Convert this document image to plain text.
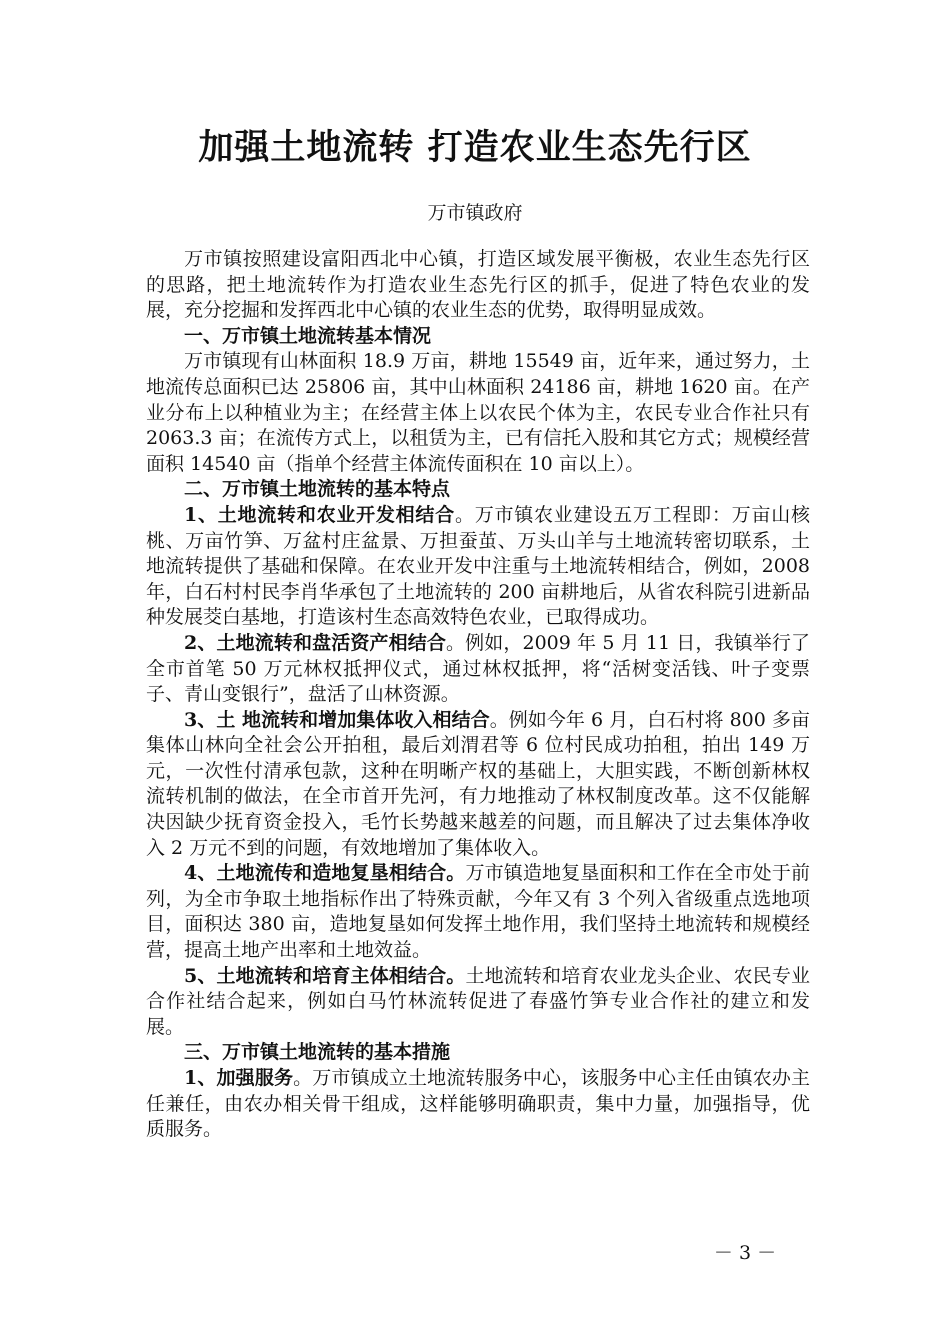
加强土地流转 打造农业生态先行区
万市镇政府

万市镇按照建设富阳西北中心镇，打造区域发展平衡极，农业生态先行区的思路，把土地流转作为打造农业生态先行区的抓手，促进了特色农业的发展，充分挖掘和发挥西北中心镇的农业生态的优势，取得明显成效。

一、万市镇土地流转基本情况

万市镇现有山林面积 18.9 万亩，耕地 15549 亩，近年来，通过努力，土地流传总面积已达 25806 亩，其中山林面积 24186 亩，耕地 1620 亩。在产业分布上以种植业为主；在经营主体上以农民个体为主，农民专业合作社只有 2063.3 亩；在流传方式上，以租赁为主，已有信托入股和其它方式；规模经营面积 14540 亩（指单个经营主体流传面积在 10 亩以上）。

二、万市镇土地流转的基本特点

1、土地流转和农业开发相结合。万市镇农业建设五万工程即：万亩山核桃、万亩竹笋、万盆村庄盆景、万担蚕茧、万头山羊与土地流转密切联系，土地流转提供了基础和保障。在农业开发中注重与土地流转相结合，例如，2008 年，白石村村民李肖华承包了土地流转的 200 亩耕地后，从省农科院引进新品种发展茭白基地，打造该村生态高效特色农业，已取得成功。

2、土地流转和盘活资产相结合。例如，2009 年 5 月 11 日，我镇举行了全市首笔 50 万元林权抵押仪式，通过林权抵押，将“活树变活钱、叶子变票子、青山变银行”，盘活了山林资源。

3、土 地流转和增加集体收入相结合。例如今年 6 月，白石村将 800 多亩集体山林向全社会公开拍租，最后刘渭君等 6 位村民成功拍租，拍出 149 万元，一次性付清承包款，这种在明晰产权的基础上，大胆实践，不断创新林权流转机制的做法，在全市首开先河，有力地推动了林权制度改革。这不仅能解决因缺少抚育资金投入，毛竹长势越来越差的问题，而且解决了过去集体净收入 2 万元不到的问题，有效地增加了集体收入。

4、土地流传和造地复垦相结合。万市镇造地复垦面积和工作在全市处于前列，为全市争取土地指标作出了特殊贡献，今年又有 3 个列入省级重点选地项目，面积达 380 亩，造地复垦如何发挥土地作用，我们坚持土地流转和规模经营，提高土地产出率和土地效益。

5、土地流转和培育主体相结合。土地流转和培育农业龙头企业、农民专业合作社结合起来，例如白马竹林流转促进了春盛竹笋专业合作社的建立和发展。

三、万市镇土地流转的基本措施

1、加强服务。万市镇成立土地流转服务中心，该服务中心主任由镇农办主任兼任，由农办相关骨干组成，这样能够明确职责，集中力量，加强指导，优质服务。

－ 3 －
